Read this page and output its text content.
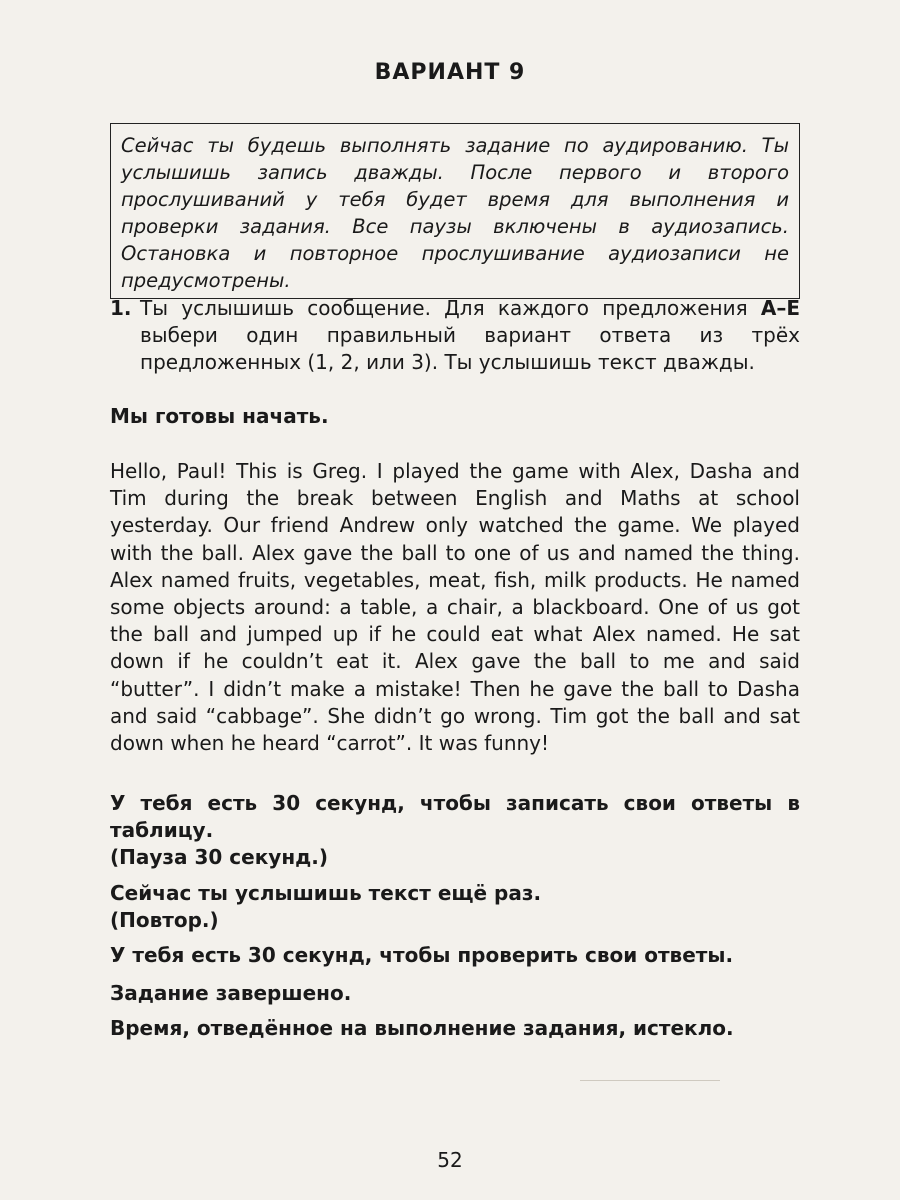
ВАРИАНТ 9
Сейчас ты будешь выполнять задание по аудированию. Ты услышишь запись дважды. После первого и второго прослушиваний у тебя будет время для выполнения и проверки задания. Все паузы включены в аудиозапись. Остановка и повторное прослушивание аудиозаписи не предусмотрены.
1. Ты услышишь сообщение. Для каждого предложения A–E выбери один правильный вариант ответа из трёх предложенных (1, 2, или 3). Ты услышишь текст дважды.
Мы готовы начать.
Hello, Paul! This is Greg. I played the game with Alex, Dasha and Tim during the break between English and Maths at school yesterday. Our friend Andrew only watched the game. We played with the ball. Alex gave the ball to one of us and named the thing. Alex named fruits, vegetables, meat, fish, milk products. He named some objects around: a table, a chair, a blackboard. One of us got the ball and jumped up if he could eat what Alex named. He sat down if he couldn’t eat it. Alex gave the ball to me and said “butter”. I didn’t make a mistake! Then he gave the ball to Dasha and said “cabbage”. She didn’t go wrong. Tim got the ball and sat down when he heard “carrot”. It was funny!
У тебя есть 30 секунд, чтобы записать свои ответы в таблицу.
(Пауза 30 секунд.)
Сейчас ты услышишь текст ещё раз.
(Повтор.)
У тебя есть 30 секунд, чтобы проверить свои ответы.
Задание завершено.
Время, отведённое на выполнение задания, истекло.
52
